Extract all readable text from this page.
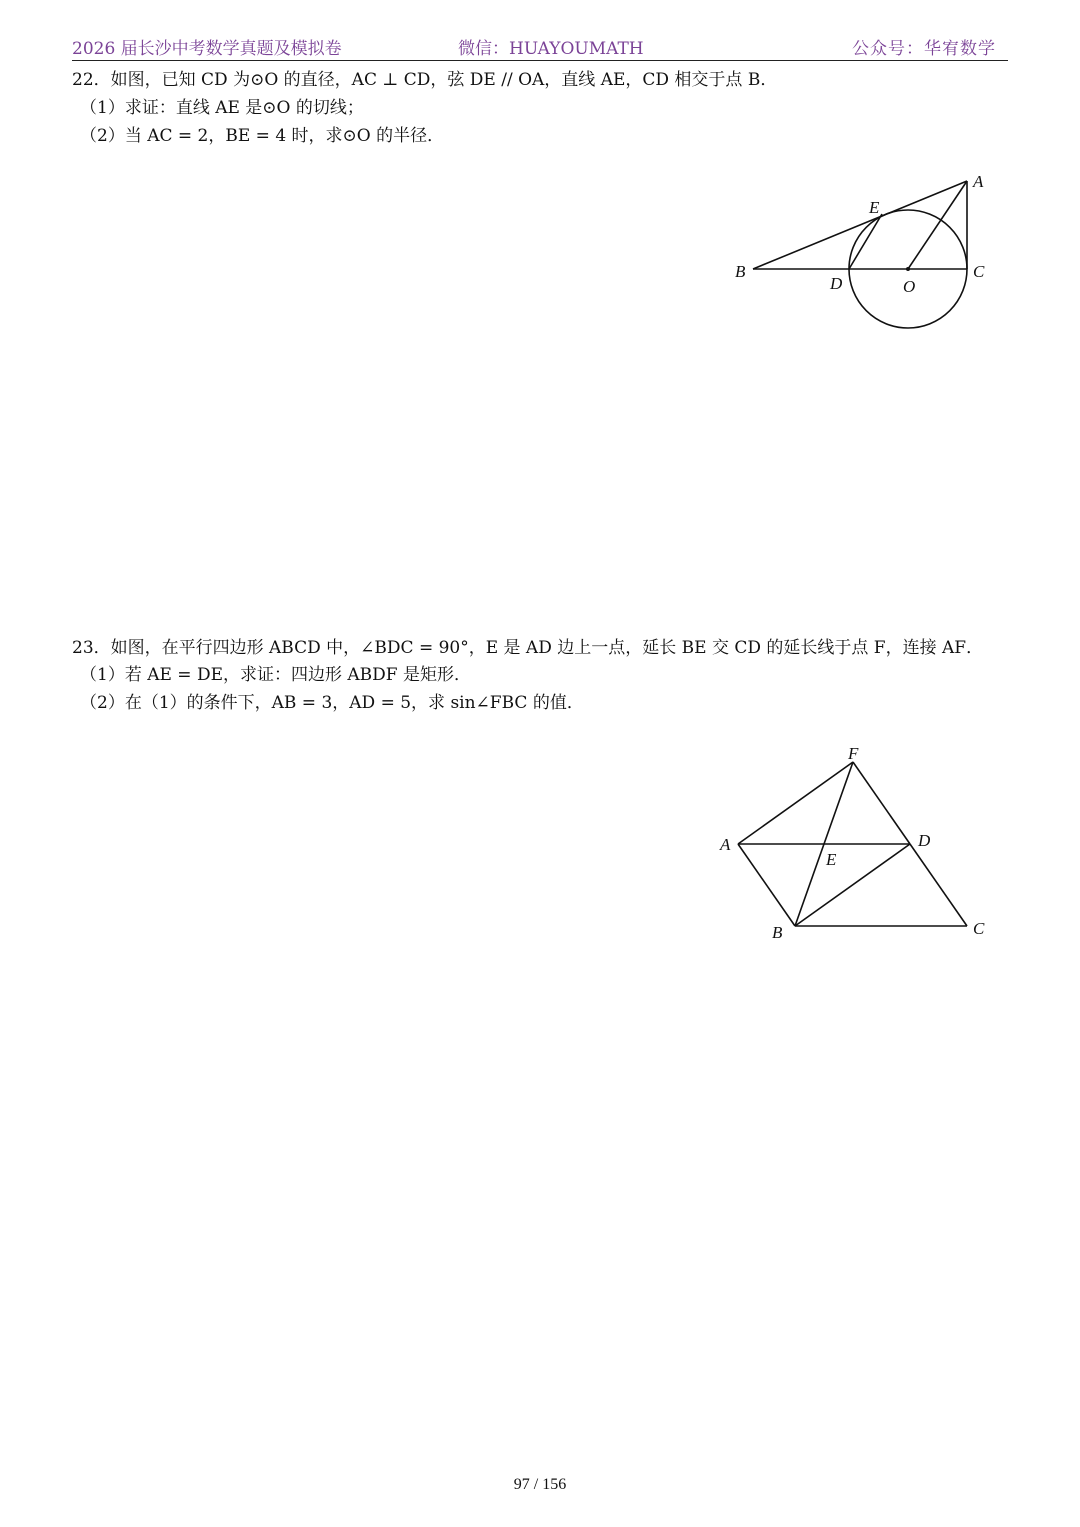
2026 届长沙中考数学真题及模拟卷	微信：HUAYOUMATH	公众号：华宥数学
22．如图，已知 CD 为⊙O 的直径，AC ⊥ CD，弦 DE // OA，直线 AE，CD 相交于点 B．
（1）求证：直线 AE 是⊙O 的切线；
（2）当 AC = 2，BE = 4 时，求⊙O 的半径．
A
E
B
D	O
C
23．如图，在平行四边形 ABCD 中，∠BDC = 90°，E 是 AD 边上一点，延长 BE 交 CD 的延长线于点 F，连接 AF．
（1）若 AE = DE，求证：四边形 ABDF 是矩形．
（2）在（1）的条件下，AB = 3，AD = 5，求 sin∠FBC 的值．
F
A	D
E
B	C
97 / 156
